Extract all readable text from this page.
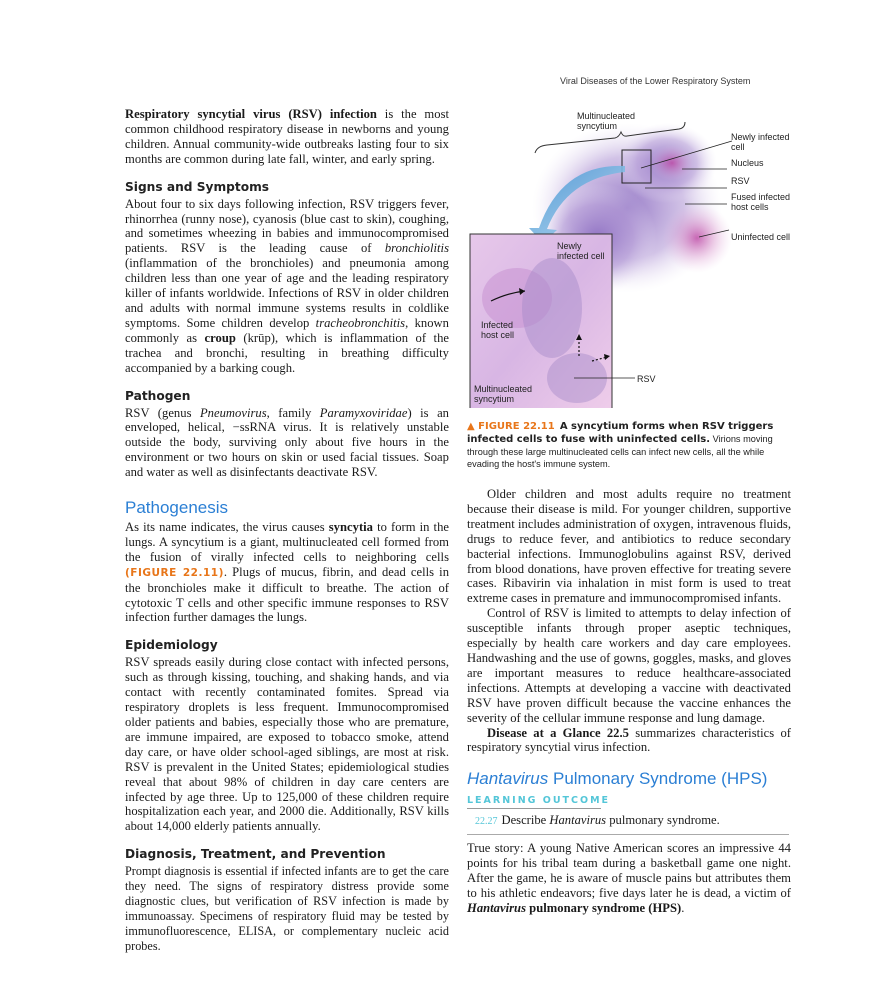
Viral Diseases of the Lower Respiratory System

Respiratory syncytial virus (RSV) infection is the most common childhood respiratory disease in newborns and young children. Annual community-wide outbreaks lasting four to six months are common during late fall, winter, and early spring.

Signs and Symptoms

About four to six days following infection, RSV triggers fever, rhinorrhea (runny nose), cyanosis (blue cast to skin), coughing, and sometimes wheezing in babies and immunocompromised patients. RSV is the leading cause of bronchiolitis (inflammation of the bronchioles) and pneumonia among children less than one year of age and the leading respiratory killer of infants worldwide. Infections of RSV in older children and adults with normal immune systems results in coldlike symptoms. Some children develop tracheobronchitis, known commonly as croup (krūp), which is inflammation of the trachea and bronchi, resulting in breathing difficulty accompanied by a barking cough.

Pathogen

RSV (genus Pneumovirus, family Paramyxoviridae) is an enveloped, helical, −ssRNA virus. It is relatively unstable outside the body, surviving only about five hours in the environment or two hours on skin or used facial tissues. Soap and water as well as disinfectants deactivate RSV.

Pathogenesis

As its name indicates, the virus causes syncytia to form in the lungs. A syncytium is a giant, multinucleated cell formed from the fusion of virally infected cells to neighboring cells (FIGURE 22.11). Plugs of mucus, fibrin, and dead cells in the bronchioles make it difficult to breathe. The action of cytotoxic T cells and other specific immune responses to RSV infection further damages the lungs.

Epidemiology

RSV spreads easily during close contact with infected persons, such as through kissing, touching, and shaking hands, and via contact with recently contaminated fomites. Spread via respiratory droplets is less frequent. Immunocompromised older patients and babies, especially those who are premature, are immune impaired, are exposed to tobacco smoke, attend day care, or have older school-aged siblings, are most at risk. RSV is prevalent in the United States; epidemiological studies reveal that about 98% of children in day care centers are infected by age three. Up to 125,000 of these children require hospitalization each year, and 2000 die. Additionally, RSV kills about 14,000 elderly patients annually.

Diagnosis, Treatment, and Prevention

Prompt diagnosis is essential if infected infants are to get the care they need. The signs of respiratory distress provide some diagnostic clues, but verification of RSV infection is made by immunoassay. Specimens of respiratory fluid may be tested by immunofluorescence, ELISA, or complementary nucleic acid probes.

Multinucleated syncytium
Newly infected cell
Nucleus
RSV
Fused infected host cells
Uninfected cell
Newly infected cell
Infected host cell
Multinucleated syncytium
RSV
▲ FIGURE 22.11 A syncytium forms when RSV triggers infected cells to fuse with uninfected cells. Virions moving through these large multinucleated cells can infect new cells, all the while evading the host's immune system.

Older children and most adults require no treatment because their disease is mild. For younger children, supportive treatment includes administration of oxygen, intravenous fluids, drugs to reduce fever, and antibiotics to reduce secondary bacterial infections. Immunoglobulins against RSV, derived from blood donations, have proven effective for treating severe cases. Ribavirin via inhalation in mist form is used to treat extreme cases in premature and immunocompromised infants.

Control of RSV is limited to attempts to delay infection of susceptible infants through proper aseptic techniques, especially by health care workers and day care employees. Handwashing and the use of gowns, goggles, masks, and gloves are important measures to reduce healthcare-associated infections. Attempts at developing a vaccine with deactivated RSV have proven difficult because the vaccine enhances the severity of the cellular immune response and lung damage.

Disease at a Glance 22.5 summarizes characteristics of respiratory syncytial virus infection.

Hantavirus Pulmonary Syndrome (HPS)
LEARNING OUTCOME
22.27 Describe Hantavirus pulmonary syndrome.

True story: A young Native American scores an impressive 44 points for his tribal team during a basketball game one night. After the game, he is aware of muscle pains but attributes them to his athletic endeavors; five days later he is dead, a victim of Hantavirus pulmonary syndrome (HPS).
